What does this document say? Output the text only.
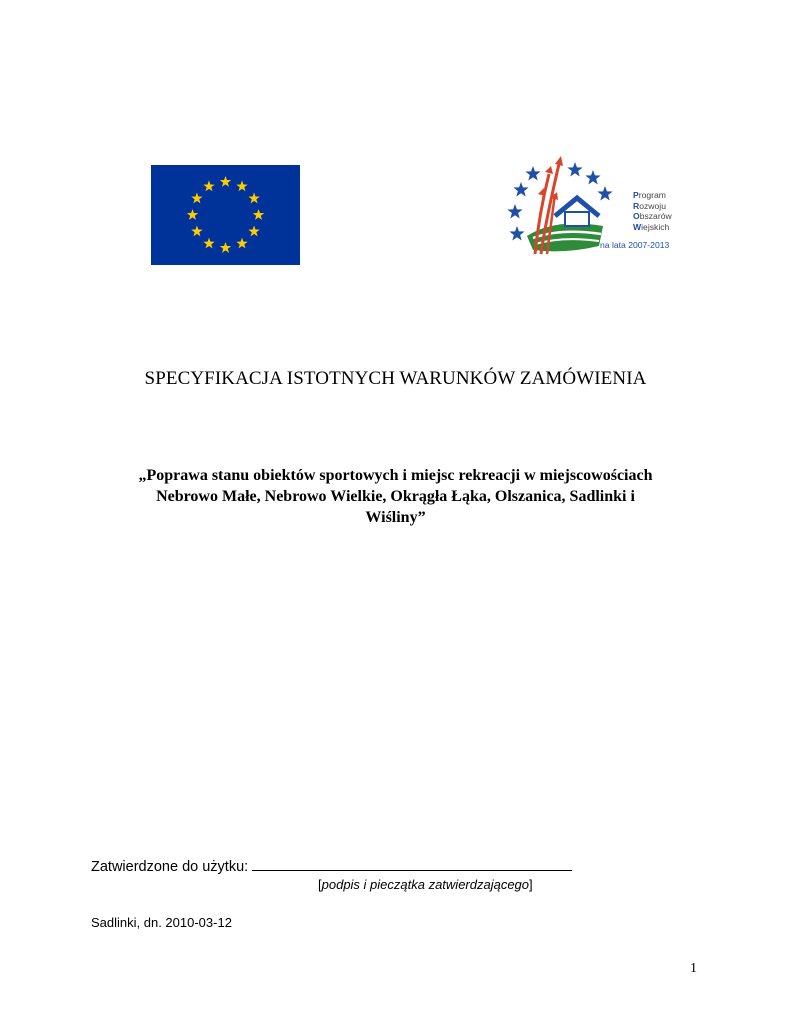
Program
Rozwoju
Obszarów
Wiejskich
na lata 2007-2013
SPECYFIKACJA ISTOTNYCH WARUNKÓW ZAMÓWIENIA
„Poprawa stanu obiektów sportowych i miejsc rekreacji w miejscowościach
Nebrowo Małe, Nebrowo Wielkie, Okrągła Łąka, Olszanica, Sadlinki i
Wiśliny”
Zatwierdzone do użytku:
[podpis i pieczątka zatwierdzającego]
Sadlinki, dn. 2010-03-12
1
